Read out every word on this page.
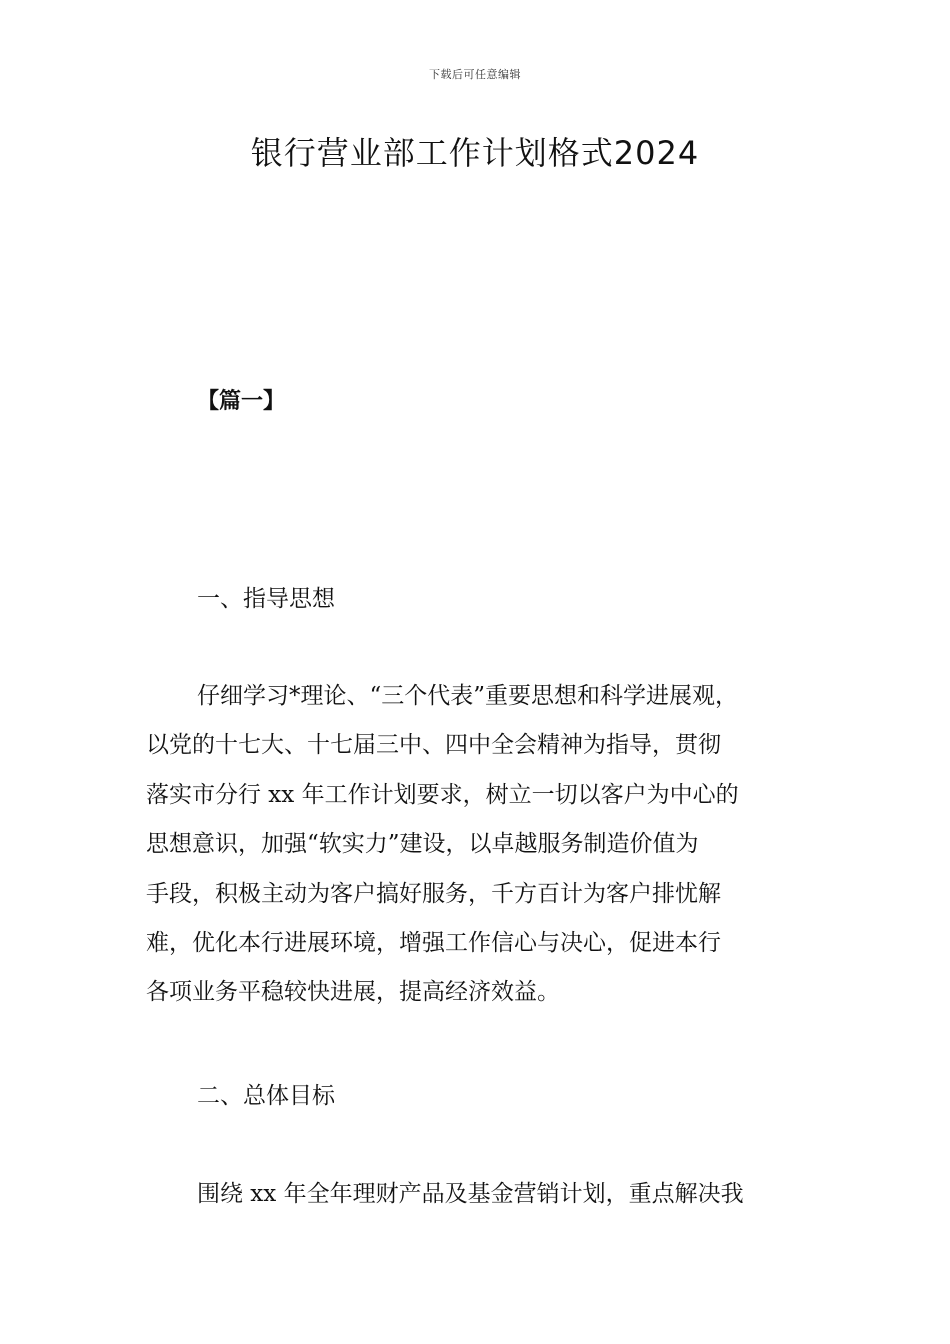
下载后可任意编辑
银行营业部工作计划格式2024
【篇一】
一、指导思想

仔细学习*理论、“三个代表”重要思想和科学进展观，
以党的十七大、十七届三中、四中全会精神为指导，贯彻
落实市分行 xx 年工作计划要求，树立一切以客户为中心的
思想意识，加强“软实力”建设，以卓越服务制造价值为
手段，积极主动为客户搞好服务，千方百计为客户排忧解
难，优化本行进展环境，增强工作信心与决心，促进本行
各项业务平稳较快进展，提高经济效益。

二、总体目标

围绕 xx 年全年理财产品及基金营销计划，重点解决我
